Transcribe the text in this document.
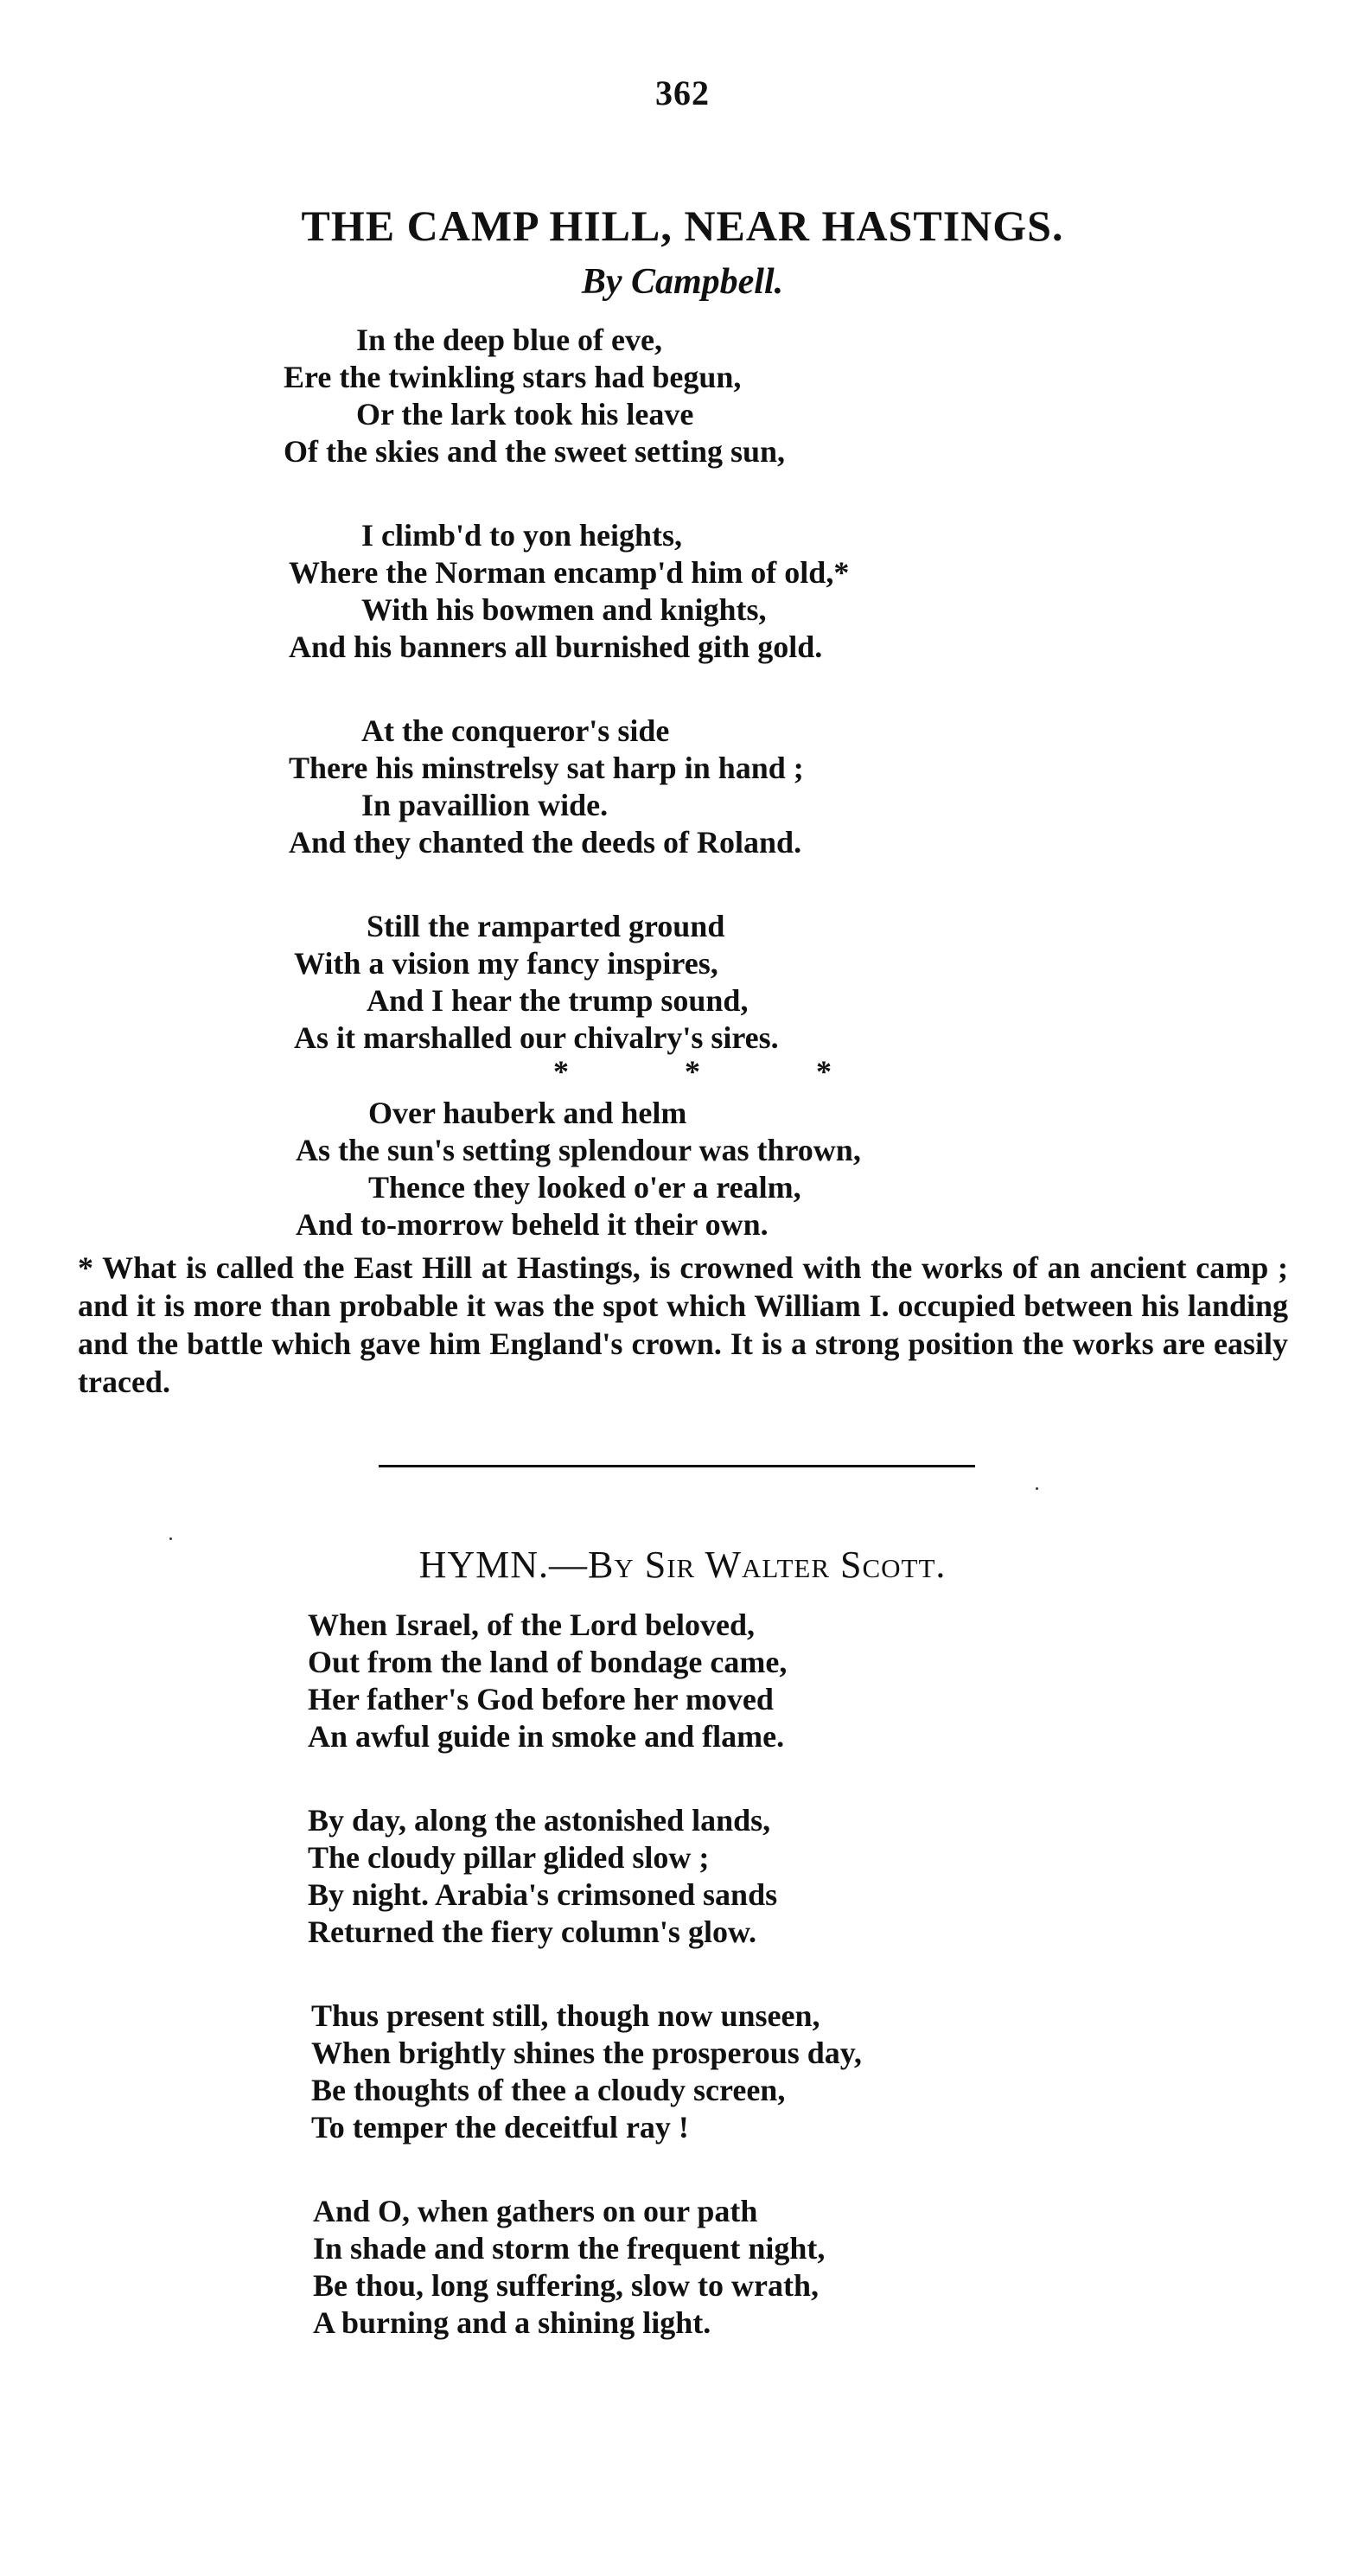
362
THE CAMP HILL, NEAR HASTINGS.
By Campbell.
In the deep blue of eve,
Ere the twinkling stars had begun,
Or the lark took his leave
Of the skies and the sweet setting sun,
I climb'd to yon heights,
Where the Norman encamp'd him of old,*
With his bowmen and knights,
And his banners all burnished gith gold.
At the conqueror's side
There his minstrelsy sat harp in hand ;
In pavaillion wide.
And they chanted the deeds of Roland.
Still the ramparted ground
With a vision my fancy inspires,
And I hear the trump sound,
As it marshalled our chivalry's sires.
*	*	*
Over hauberk and helm
As the sun's setting splendour was thrown,
Thence they looked o'er a realm,
And to-morrow beheld it their own.
* What is called the East Hill at Hastings, is crowned with the works of an ancient camp ; and it is more than probable it was the spot which William I. occupied between his landing and the battle which gave him England's crown. It is a strong position the works are easily traced.
HYMN.—By Sir Walter Scott.
When Israel, of the Lord beloved,
Out from the land of bondage came,
Her father's God before her moved
An awful guide in smoke and flame.
By day, along the astonished lands,
The cloudy pillar glided slow ;
By night. Arabia's crimsoned sands
Returned the fiery column's glow.
Thus present still, though now unseen,
When brightly shines the prosperous day,
Be thoughts of thee a cloudy screen,
To temper the deceitful ray !
And O, when gathers on our path
In shade and storm the frequent night,
Be thou, long suffering, slow to wrath,
A burning and a shining light.
